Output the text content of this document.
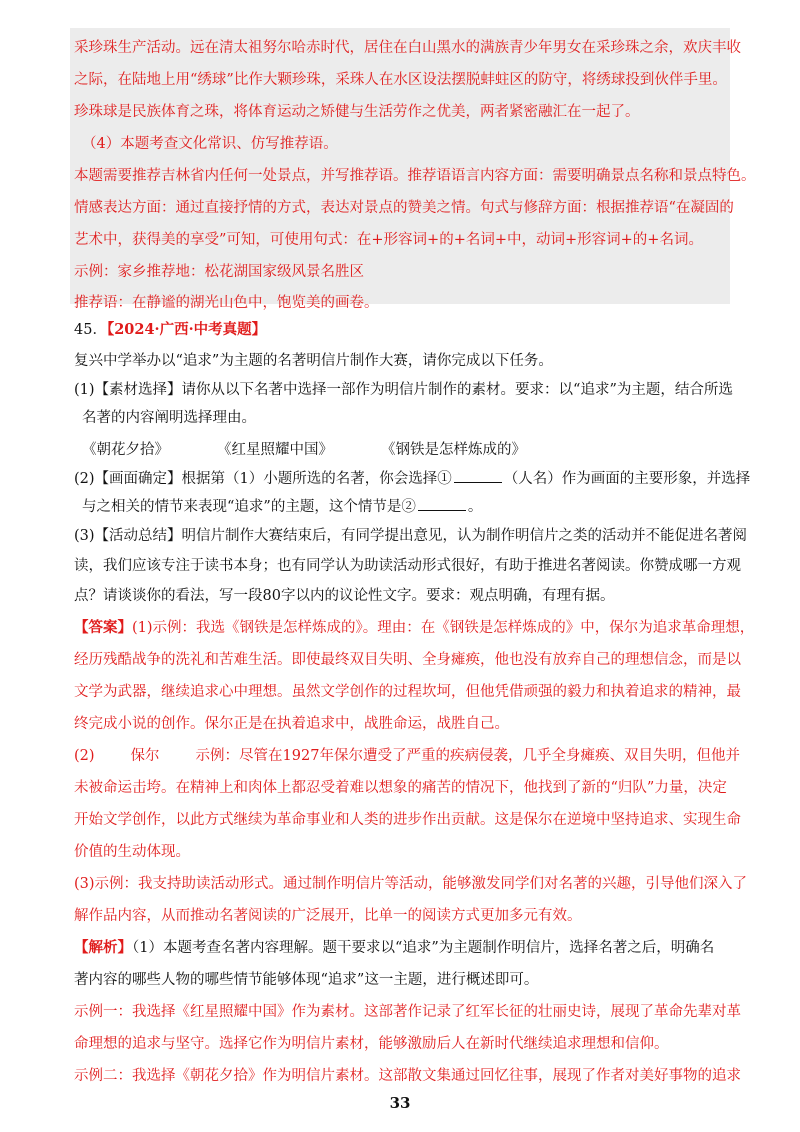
采珍珠生产活动。远在清太祖努尔哈赤时代，居住在白山黑水的满族青少年男女在采珍珠之余，欢庆丰收
之际，在陆地上用“绣球”比作大颗珍珠，采珠人在水区设法摆脱蚌蛀区的防守，将绣球投到伙伴手里。
珍珠球是民族体育之珠，将体育运动之矫健与生活劳作之优美，两者紧密融汇在一起了。
（4）本题考查文化常识、仿写推荐语。
本题需要推荐吉林省内任何一处景点，并写推荐语。推荐语语言内容方面：需要明确景点名称和景点特色。
情感表达方面：通过直接抒情的方式，表达对景点的赞美之情。句式与修辞方面：根据推荐语“在凝固的
艺术中，获得美的享受”可知，可使用句式：在+形容词+的+名词+中，动词+形容词+的+名词。
示例：家乡推荐地：松花湖国家级风景名胜区
推荐语：在静谧的湖光山色中，饱览美的画卷。
45．【2024·广西·中考真题】
复兴中学举办以“追求”为主题的名著明信片制作大赛，请你完成以下任务。
(1)【素材选择】请你从以下名著中选择一部作为明信片制作的素材。要求：以“追求”为主题，结合所选
名著的内容阐明选择理由。
《朝花夕拾》	《红星照耀中国》	《钢铁是怎样炼成的》
(2)【画面确定】根据第（1）小题所选的名著，你会选择①	（人名）作为画面的主要形象，并选择
与之相关的情节来表现“追求”的主题，这个情节是②	。
(3)【活动总结】明信片制作大赛结束后，有同学提出意见，认为制作明信片之类的活动并不能促进名著阅
读，我们应该专注于读书本身；也有同学认为助读活动形式很好，有助于推进名著阅读。你赞成哪一方观
点？请谈谈你的看法，写一段80字以内的议论性文字。要求：观点明确，有理有据。
【答案】(1)示例：我选《钢铁是怎样炼成的》。理由：在《钢铁是怎样炼成的》中，保尔为追求革命理想，
经历残酷战争的洗礼和苦难生活。即使最终双目失明、全身瘫痪，他也没有放弃自己的理想信念，而是以
文学为武器，继续追求心中理想。虽然文学创作的过程坎坷，但他凭借顽强的毅力和执着追求的精神，最
终完成小说的创作。保尔正是在执着追求中，战胜命运，战胜自己。
(2) 保尔 示例：尽管在1927年保尔遭受了严重的疾病侵袭，几乎全身瘫痪、双目失明，但他并
未被命运击垮。在精神上和肉体上都忍受着难以想象的痛苦的情况下，他找到了新的“归队”力量，决定
开始文学创作，以此方式继续为革命事业和人类的进步作出贡献。这是保尔在逆境中坚持追求、实现生命
价值的生动体现。
(3)示例：我支持助读活动形式。通过制作明信片等活动，能够激发同学们对名著的兴趣，引导他们深入了
解作品内容，从而推动名著阅读的广泛展开，比单一的阅读方式更加多元有效。
【解析】（1）本题考查名著内容理解。题干要求以“追求”为主题制作明信片，选择名著之后，明确名
著内容的哪些人物的哪些情节能够体现“追求”这一主题，进行概述即可。
示例一：我选择《红星照耀中国》作为素材。这部著作记录了红军长征的壮丽史诗，展现了革命先辈对革
命理想的追求与坚守。选择它作为明信片素材，能够激励后人在新时代继续追求理想和信仰。
示例二：我选择《朝花夕拾》作为明信片素材。这部散文集通过回忆往事，展现了作者对美好事物的追求
33
